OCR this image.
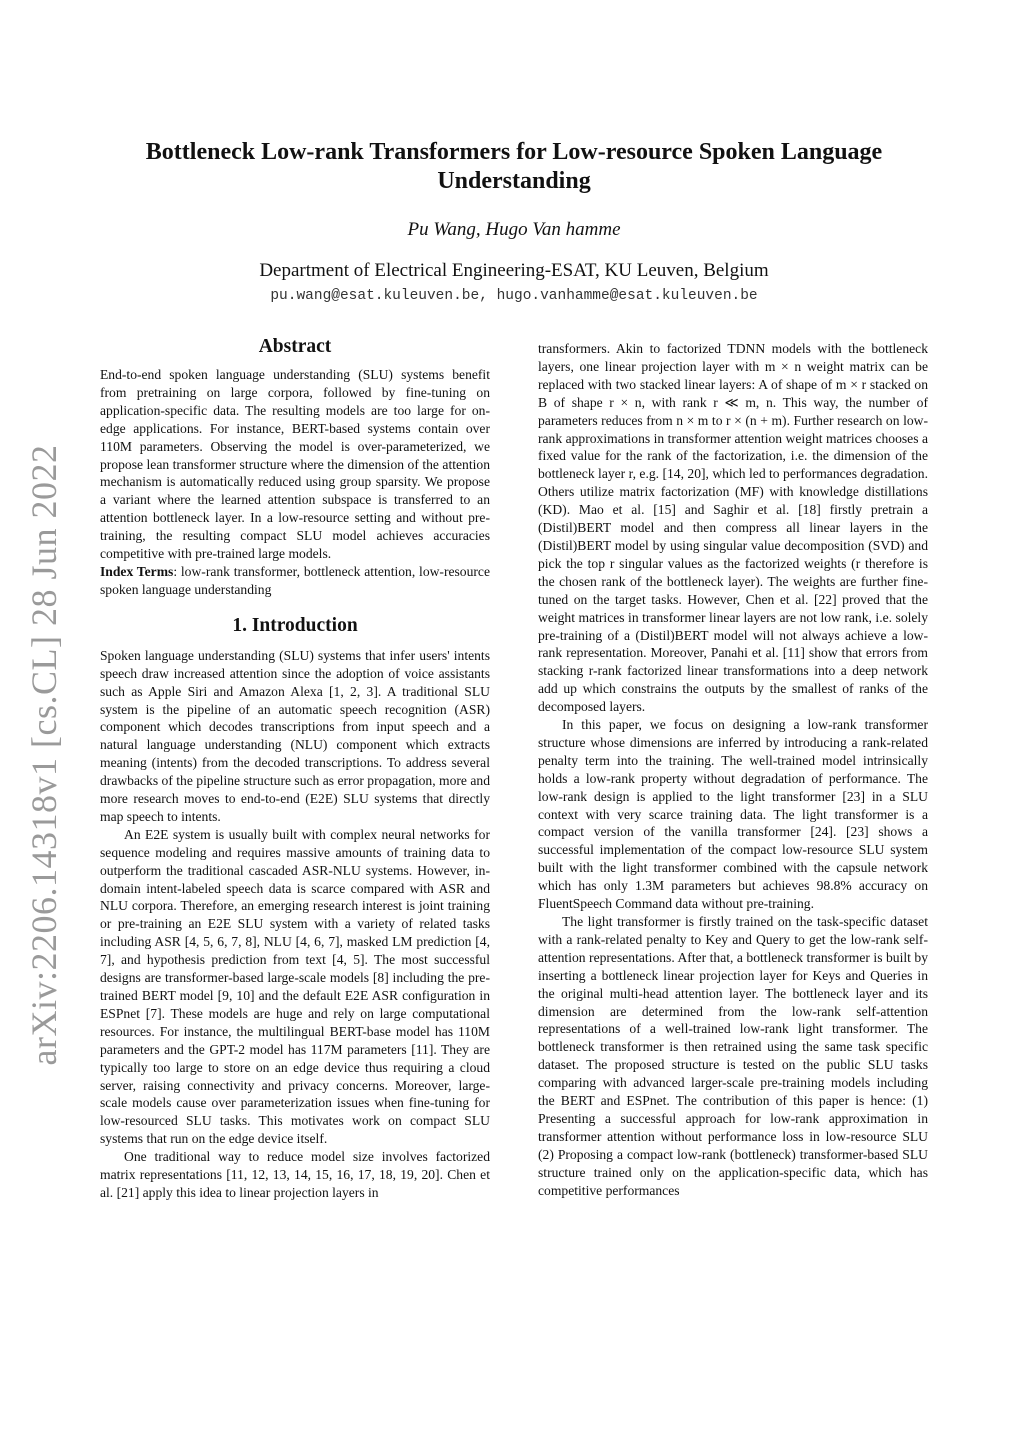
arXiv:2206.14318v1 [cs.CL] 28 Jun 2022
Bottleneck Low-rank Transformers for Low-resource Spoken Language Understanding
Pu Wang, Hugo Van hamme
Department of Electrical Engineering-ESAT, KU Leuven, Belgium
pu.wang@esat.kuleuven.be, hugo.vanhamme@esat.kuleuven.be
Abstract

End-to-end spoken language understanding (SLU) systems benefit from pretraining on large corpora, followed by fine-tuning on application-specific data. The resulting models are too large for on-edge applications. For instance, BERT-based systems contain over 110M parameters. Observing the model is over-parameterized, we propose lean transformer structure where the dimension of the attention mechanism is automatically reduced using group sparsity. We propose a variant where the learned attention subspace is transferred to an attention bottleneck layer. In a low-resource setting and without pre-training, the resulting compact SLU model achieves accuracies competitive with pre-trained large models.

Index Terms: low-rank transformer, bottleneck attention, low-resource spoken language understanding

1. Introduction

Spoken language understanding (SLU) systems that infer users' intents speech draw increased attention since the adoption of voice assistants such as Apple Siri and Amazon Alexa [1, 2, 3]. A traditional SLU system is the pipeline of an automatic speech recognition (ASR) component which decodes transcriptions from input speech and a natural language understanding (NLU) component which extracts meaning (intents) from the decoded transcriptions. To address several drawbacks of the pipeline structure such as error propagation, more and more research moves to end-to-end (E2E) SLU systems that directly map speech to intents.

An E2E system is usually built with complex neural networks for sequence modeling and requires massive amounts of training data to outperform the traditional cascaded ASR-NLU systems. However, in-domain intent-labeled speech data is scarce compared with ASR and NLU corpora. Therefore, an emerging research interest is joint training or pre-training an E2E SLU system with a variety of related tasks including ASR [4, 5, 6, 7, 8], NLU [4, 6, 7], masked LM prediction [4, 7], and hypothesis prediction from text [4, 5]. The most successful designs are transformer-based large-scale models [8] including the pre-trained BERT model [9, 10] and the default E2E ASR configuration in ESPnet [7]. These models are huge and rely on large computational resources. For instance, the multilingual BERT-base model has 110M parameters and the GPT-2 model has 117M parameters [11]. They are typically too large to store on an edge device thus requiring a cloud server, raising connectivity and privacy concerns. Moreover, large-scale models cause over parameterization issues when fine-tuning for low-resourced SLU tasks. This motivates work on compact SLU systems that run on the edge device itself.

One traditional way to reduce model size involves factorized matrix representations [11, 12, 13, 14, 15, 16, 17, 18, 19, 20]. Chen et al. [21] apply this idea to linear projection layers in

transformers. Akin to factorized TDNN models with the bottleneck layers, one linear projection layer with m × n weight matrix can be replaced with two stacked linear layers: A of shape of m × r stacked on B of shape r × n, with rank r ≪ m, n. This way, the number of parameters reduces from n × m to r × (n + m). Further research on low-rank approximations in transformer attention weight matrices chooses a fixed value for the rank of the factorization, i.e. the dimension of the bottleneck layer r, e.g. [14, 20], which led to performances degradation. Others utilize matrix factorization (MF) with knowledge distillations (KD). Mao et al. [15] and Saghir et al. [18] firstly pretrain a (Distil)BERT model and then compress all linear layers in the (Distil)BERT model by using singular value decomposition (SVD) and pick the top r singular values as the factorized weights (r therefore is the chosen rank of the bottleneck layer). The weights are further fine-tuned on the target tasks. However, Chen et al. [22] proved that the weight matrices in transformer linear layers are not low rank, i.e. solely pre-training of a (Distil)BERT model will not always achieve a low-rank representation. Moreover, Panahi et al. [11] show that errors from stacking r-rank factorized linear transformations into a deep network add up which constrains the outputs by the smallest of ranks of the decomposed layers.

In this paper, we focus on designing a low-rank transformer structure whose dimensions are inferred by introducing a rank-related penalty term into the training. The well-trained model intrinsically holds a low-rank property without degradation of performance. The low-rank design is applied to the light transformer [23] in a SLU context with very scarce training data. The light transformer is a compact version of the vanilla transformer [24]. [23] shows a successful implementation of the compact low-resource SLU system built with the light transformer combined with the capsule network which has only 1.3M parameters but achieves 98.8% accuracy on FluentSpeech Command data without pre-training.

The light transformer is firstly trained on the task-specific dataset with a rank-related penalty to Key and Query to get the low-rank self-attention representations. After that, a bottleneck transformer is built by inserting a bottleneck linear projection layer for Keys and Queries in the original multi-head attention layer. The bottleneck layer and its dimension are determined from the low-rank self-attention representations of a well-trained low-rank light transformer. The bottleneck transformer is then retrained using the same task specific dataset. The proposed structure is tested on the public SLU tasks comparing with advanced larger-scale pre-training models including the BERT and ESPnet. The contribution of this paper is hence: (1) Presenting a successful approach for low-rank approximation in transformer attention without performance loss in low-resource SLU (2) Proposing a compact low-rank (bottleneck) transformer-based SLU structure trained only on the application-specific data, which has competitive performances
